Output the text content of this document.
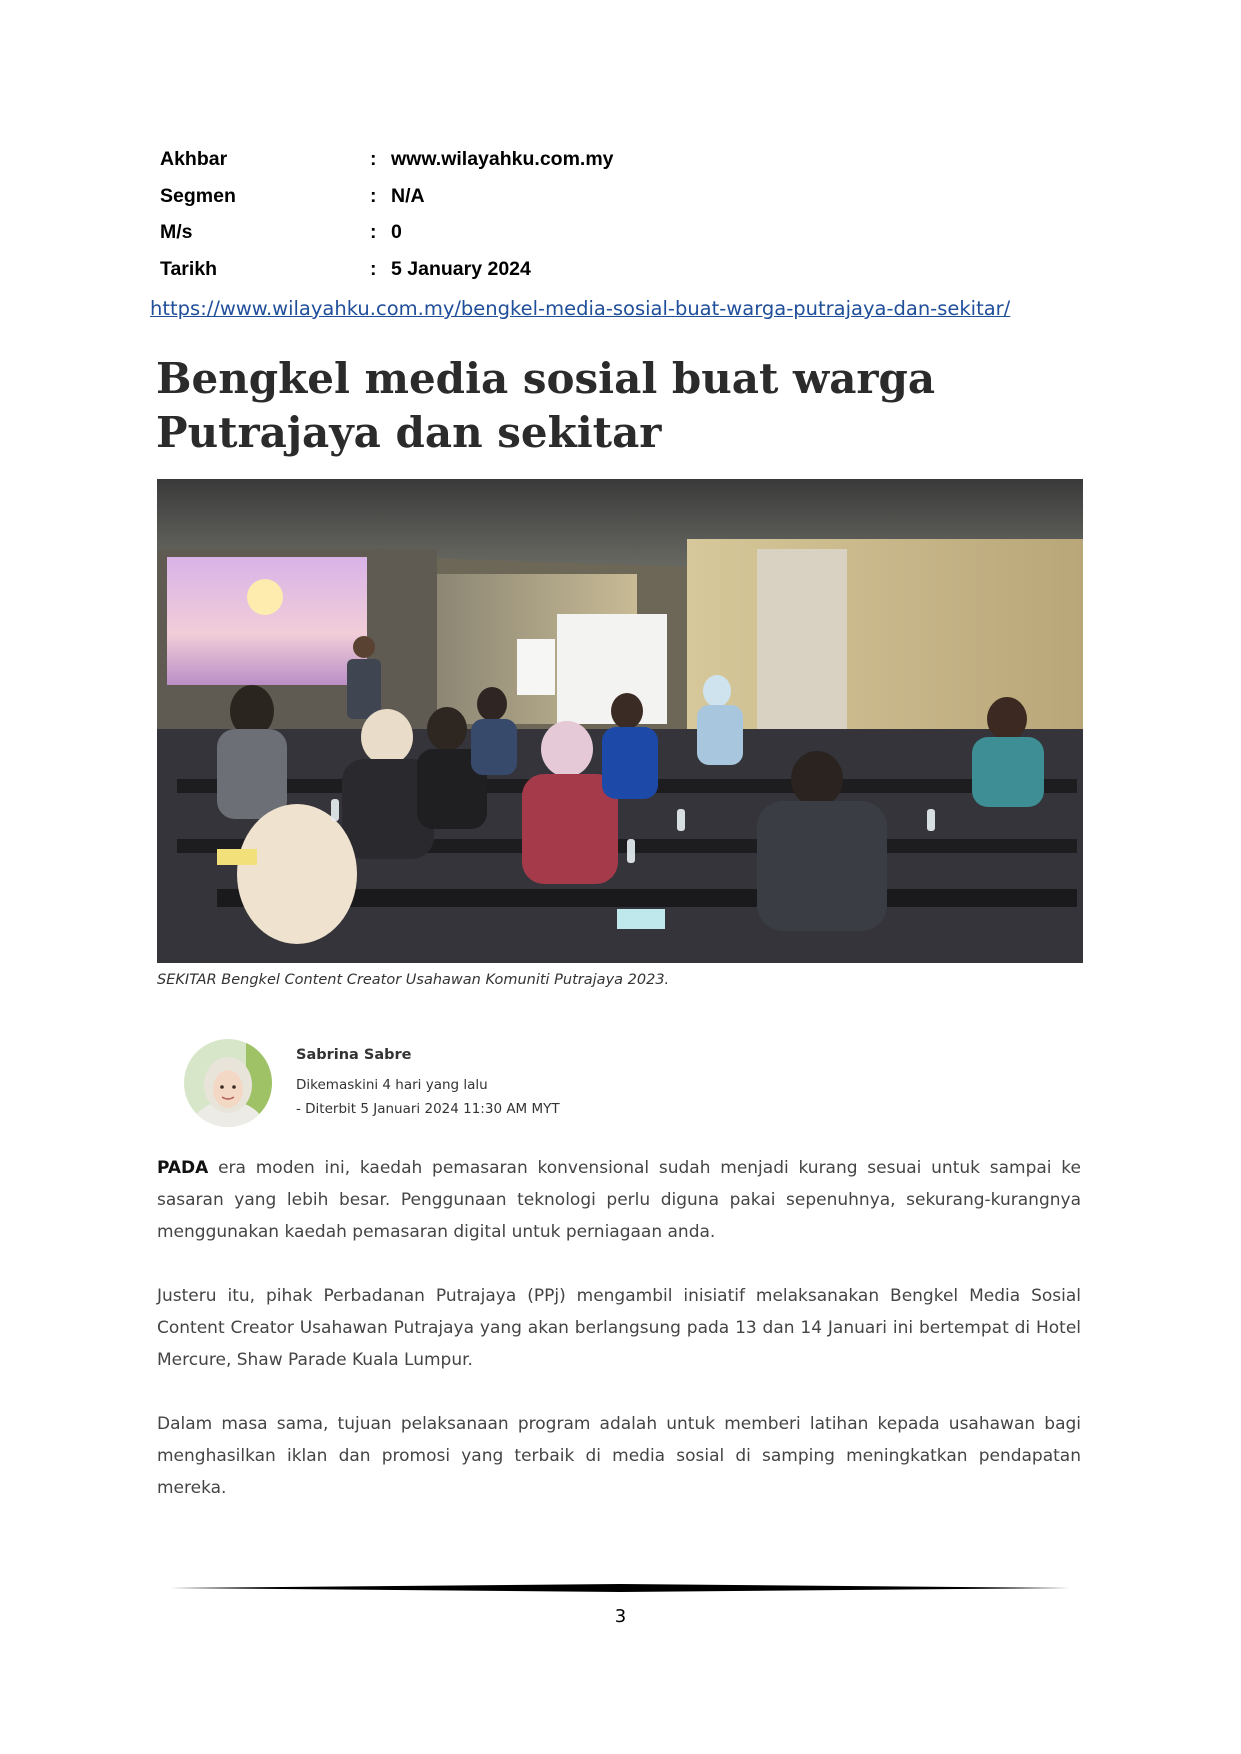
Akhbar	: www.wilayahku.com.my
Segmen	: N/A
M/s	: 0
Tarikh	: 5 January 2024
https://www.wilayahku.com.my/bengkel-media-sosial-buat-warga-putrajaya-dan-sekitar/
Bengkel media sosial buat warga
Putrajaya dan sekitar
SEKITAR Bengkel Content Creator Usahawan Komuniti Putrajaya 2023.
Sabrina Sabre
Dikemaskini 4 hari yang lalu
- Diterbit 5 Januari 2024 11:30 AM MYT

PADA era moden ini, kaedah pemasaran konvensional sudah menjadi kurang sesuai untuk sampai ke sasaran yang lebih besar. Penggunaan teknologi perlu diguna pakai sepenuhnya, sekurang-kurangnya menggunakan kaedah pemasaran digital untuk perniagaan anda.

Justeru itu, pihak Perbadanan Putrajaya (PPj) mengambil inisiatif melaksanakan Bengkel Media Sosial Content Creator Usahawan Putrajaya yang akan berlangsung pada 13 dan 14 Januari ini bertempat di Hotel Mercure, Shaw Parade Kuala Lumpur.

Dalam masa sama, tujuan pelaksanaan program adalah untuk memberi latihan kepada usahawan bagi menghasilkan iklan dan promosi yang terbaik di media sosial di samping meningkatkan pendapatan mereka.

3
